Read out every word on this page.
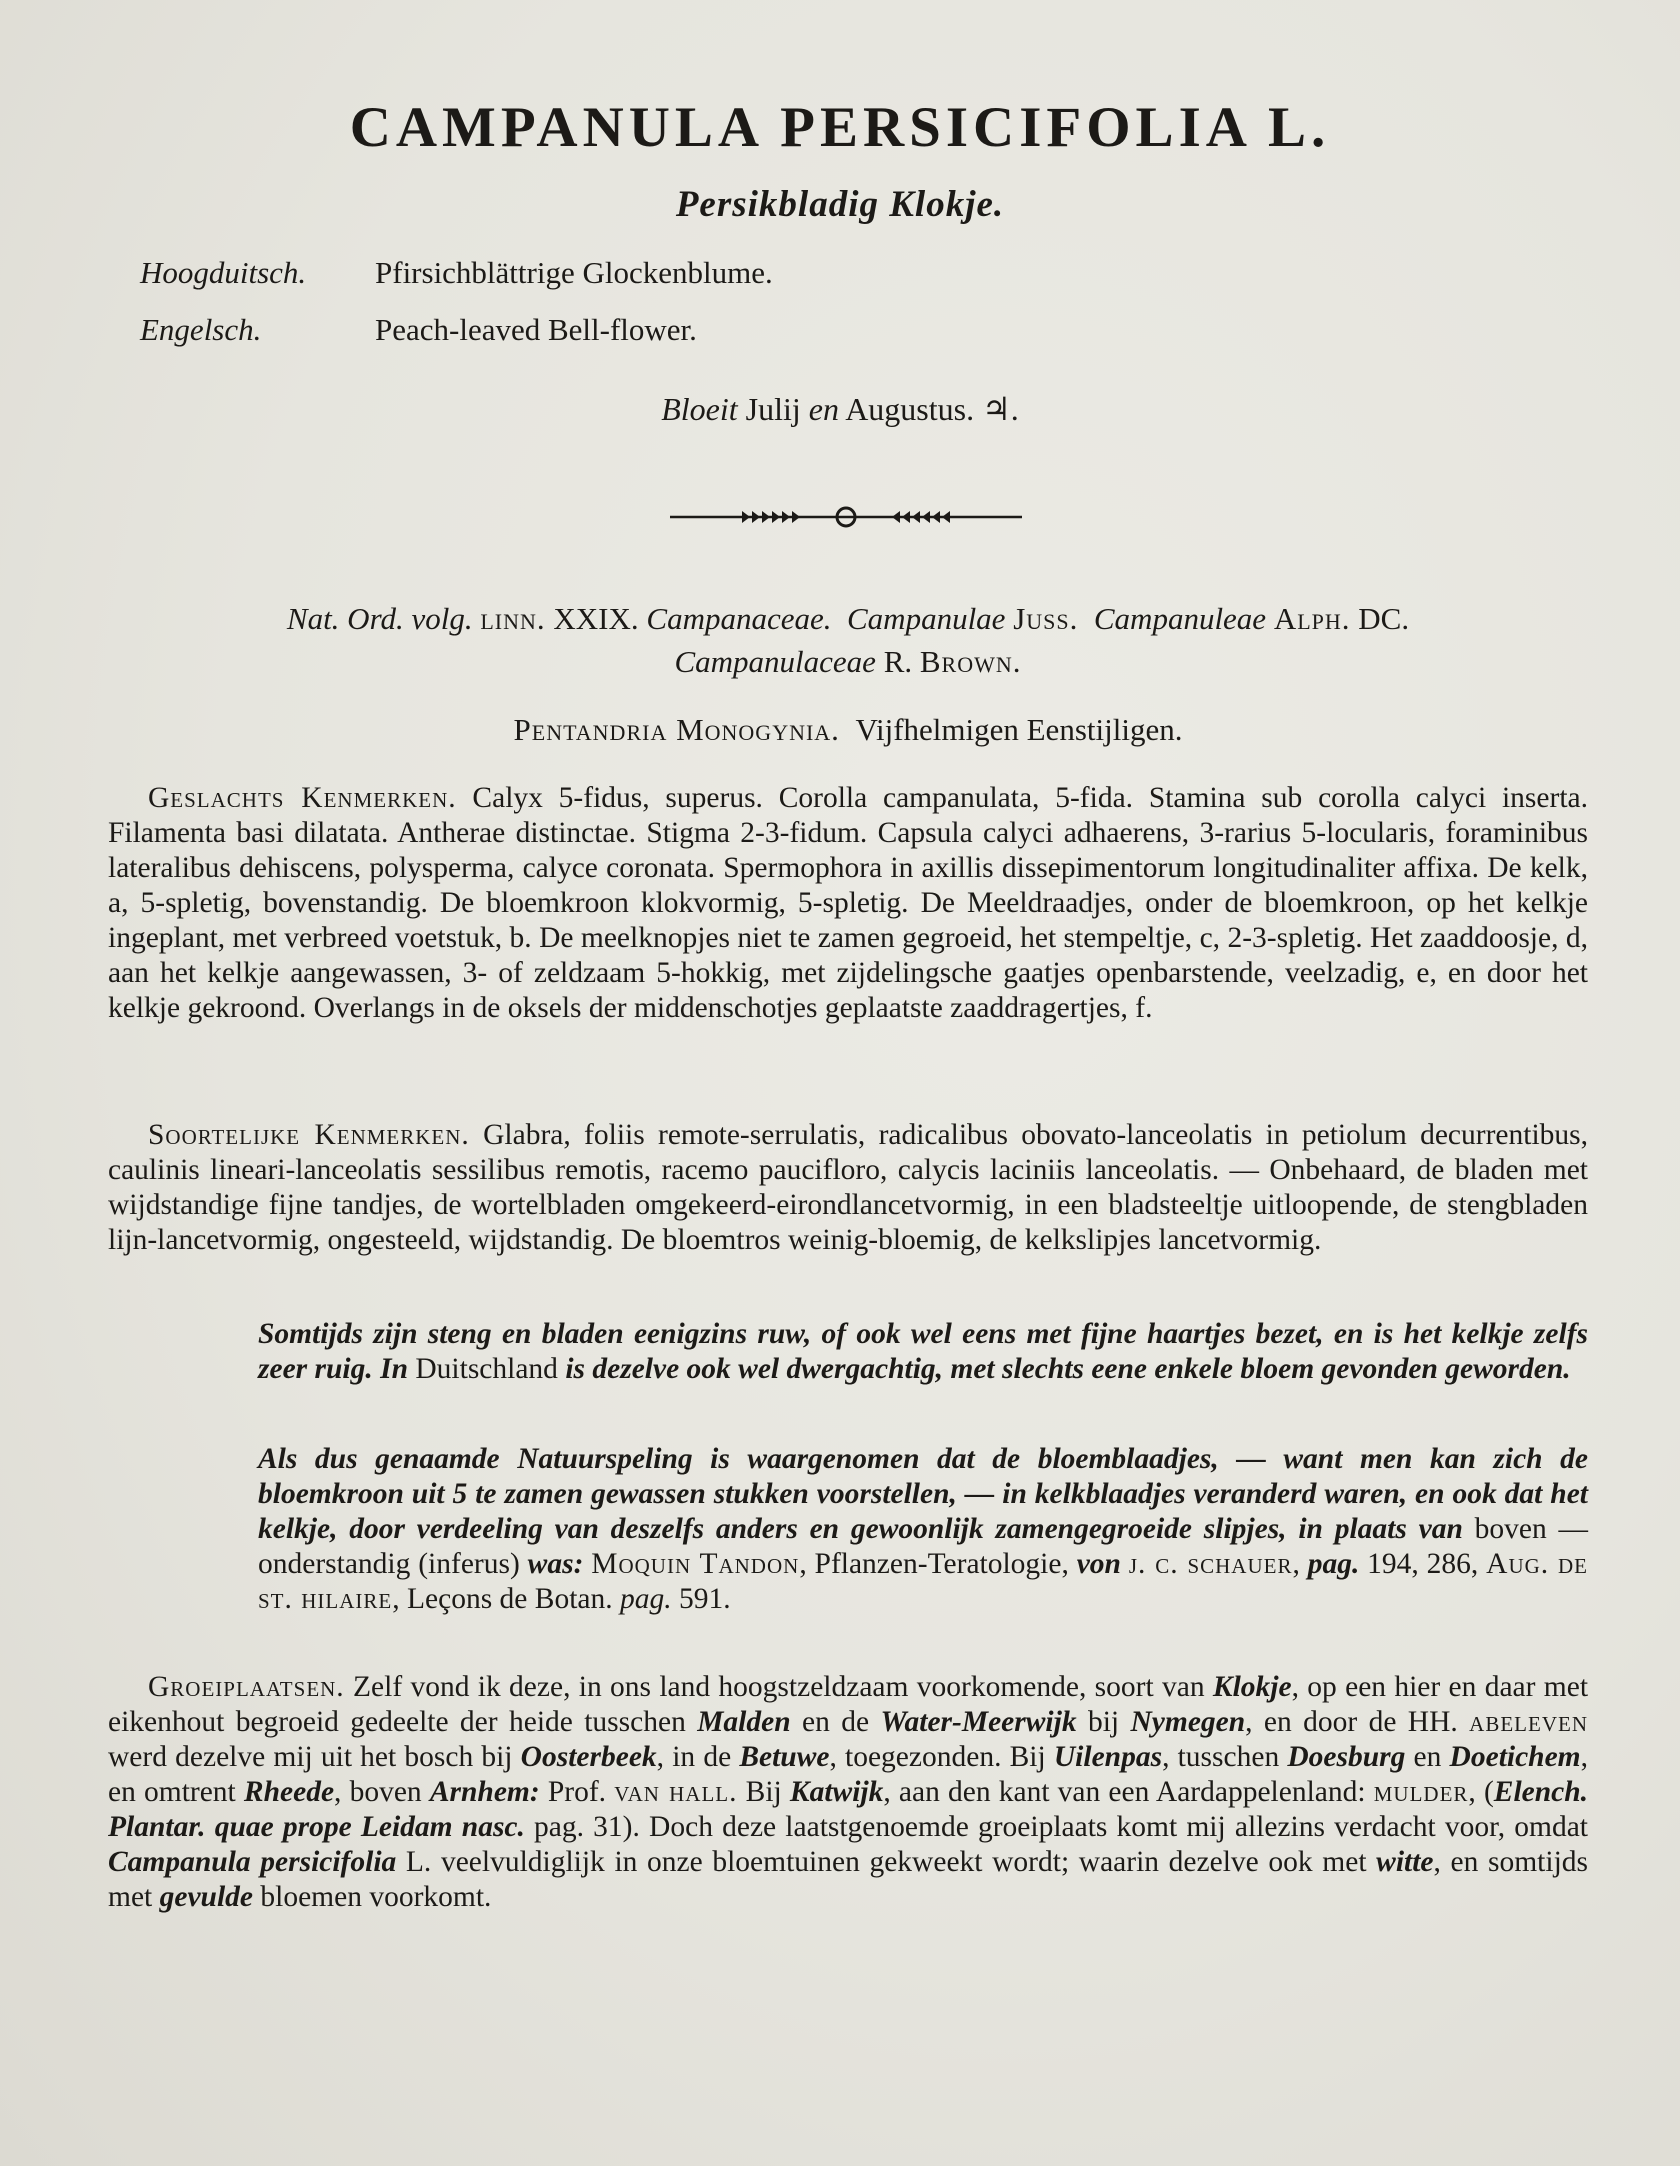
CAMPANULA PERSICIFOLIA L.
Persikbladig Klokje.
Hoogduitsch.	Pfirsichblättrige Glockenblume.
Engelsch.	Peach-leaved Bell-flower.
Bloeit Julij en Augustus. ♃.
Nat. Ord. volg. linn. XXIX. Campanaceae. Campanulae Juss. Campanuleae Alph. DC.
Campanulaceae R. Brown.
Pentandria Monogynia. Vijfhelmigen Eenstijligen.
Geslachts Kenmerken. Calyx 5-fidus, superus. Corolla campanulata, 5-fida. Stamina sub corolla calyci inserta. Filamenta basi dilatata. Antherae distinctae. Stigma 2-3-fidum. Capsula calyci adhaerens, 3-rarius 5-locularis, foraminibus lateralibus dehiscens, polysperma, calyce coronata. Spermophora in axillis dissepimentorum longitudinaliter affixa. De kelk, a, 5-spletig, bovenstandig. De bloemkroon klokvormig, 5-spletig. De Meeldraadjes, onder de bloemkroon, op het kelkje ingeplant, met verbreed voetstuk, b. De meelknopjes niet te zamen gegroeid, het stempeltje, c, 2-3-spletig. Het zaaddoosje, d, aan het kelkje aangewassen, 3- of zeldzaam 5-hokkig, met zijdelingsche gaatjes openbarstende, veelzadig, e, en door het kelkje gekroond. Overlangs in de oksels der middenschotjes geplaatste zaaddragertjes, f.
Soortelijke Kenmerken. Glabra, foliis remote-serrulatis, radicalibus obovato-lanceolatis in petiolum decurrentibus, caulinis lineari-lanceolatis sessilibus remotis, racemo paucifloro, calycis laciniis lanceolatis. — Onbehaard, de bladen met wijdstandige fijne tandjes, de wortelbladen omgekeerd-eirondlancetvormig, in een bladsteeltje uitloopende, de stengbladen lijn-lancetvormig, ongesteeld, wijdstandig. De bloemtros weinig-bloemig, de kelkslipjes lancetvormig.
Somtijds zijn steng en bladen eenigzins ruw, of ook wel eens met fijne haartjes bezet, en is het kelkje zelfs zeer ruig. In Duitschland is dezelve ook wel dwergachtig, met slechts eene enkele bloem gevonden geworden.
Als dus genaamde Natuurspeling is waargenomen dat de bloemblaadjes, — want men kan zich de bloemkroon uit 5 te zamen gewassen stukken voorstellen, — in kelkblaadjes veranderd waren, en ook dat het kelkje, door verdeeling van deszelfs anders en gewoonlijk zamengegroeide slipjes, in plaats van boven — onderstandig (inferus) was: Moquin Tandon, Pflanzen-Teratologie, von j. c. schauer, pag. 194, 286, Aug. de st. hilaire, Leçons de Botan. pag. 591.
Groeiplaatsen. Zelf vond ik deze, in ons land hoogstzeldzaam voorkomende, soort van Klokje, op een hier en daar met eikenhout begroeid gedeelte der heide tusschen Malden en de Water-Meerwijk bij Nymegen, en door de HH. abeleven werd dezelve mij uit het bosch bij Oosterbeek, in de Betuwe, toegezonden. Bij Uilenpas, tusschen Doesburg en Doetichem, en omtrent Rheede, boven Arnhem: Prof. van hall. Bij Katwijk, aan den kant van een Aardappelenland: mulder, (Elench. Plantar. quae prope Leidam nasc. pag. 31). Doch deze laatstgenoemde groeiplaats komt mij allezins verdacht voor, omdat Campanula persicifolia L. veelvuldiglijk in onze bloemtuinen gekweekt wordt; waarin dezelve ook met witte, en somtijds met gevulde bloemen voorkomt.
